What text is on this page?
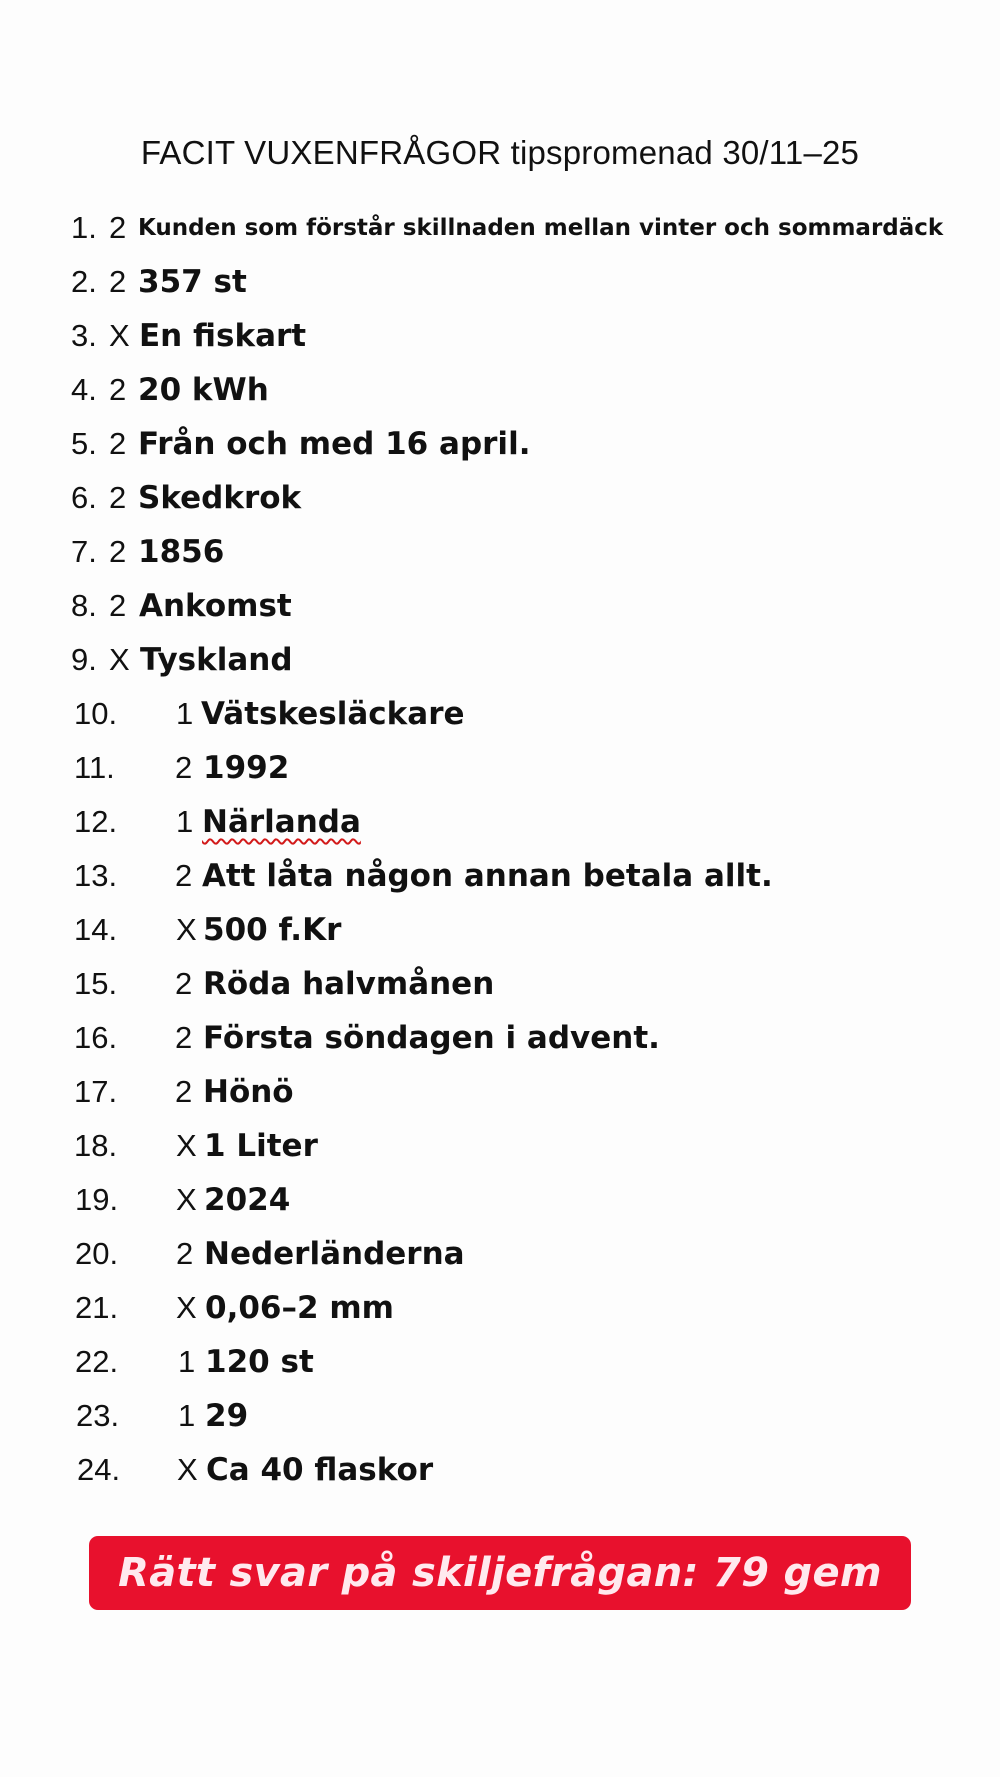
FACIT VUXENFRÅGOR tipspromenad 30/11–25
1. 2 Kunden som förstår skillnaden mellan vinter och sommardäck
2. 2 357 st
3. X En fiskart
4. 2 20 kWh
5. 2 Från och med 16 april.
6. 2 Skedkrok
7. 2 1856
8. 2 Ankomst
9. X Tyskland
10. 1 Vätskesläckare
11. 2 1992
12. 1 Närlanda
13. 2 Att låta någon annan betala allt.
14. X 500 f.Kr
15. 2 Röda halvmånen
16. 2 Första söndagen i advent.
17. 2 Hönö
18. X 1 Liter
19. X 2024
20. 2 Nederländerna
21. X 0,06–2 mm
22. 1 120 st
23. 1 29
24. X Ca 40 flaskor
Rätt svar på skiljefrågan: 79 gem
